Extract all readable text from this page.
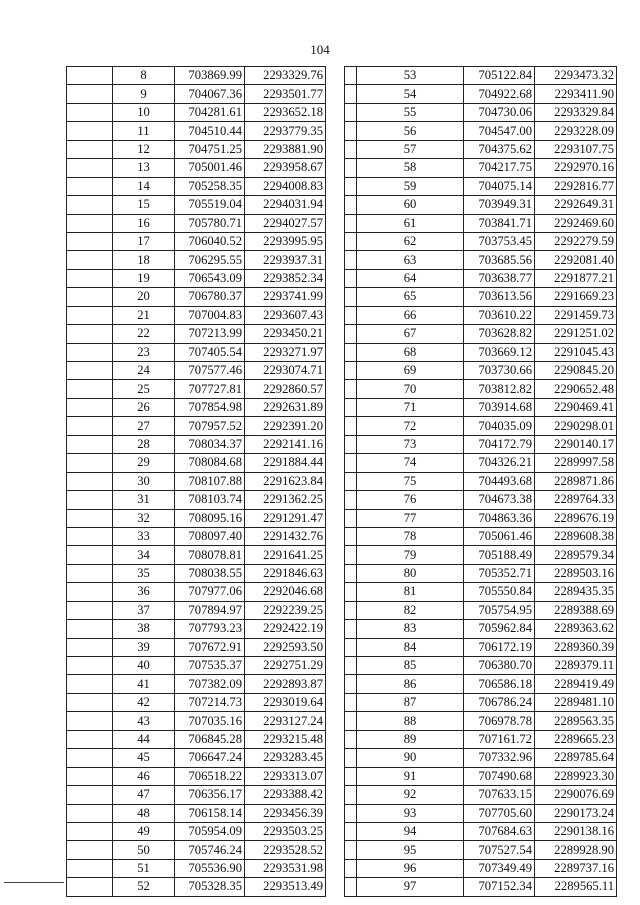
104
	8	703869.99	2293329.76
	9	704067.36	2293501.77
	10	704281.61	2293652.18
	11	704510.44	2293779.35
	12	704751.25	2293881.90
	13	705001.46	2293958.67
	14	705258.35	2294008.83
	15	705519.04	2294031.94
	16	705780.71	2294027.57
	17	706040.52	2293995.95
	18	706295.55	2293937.31
	19	706543.09	2293852.34
	20	706780.37	2293741.99
	21	707004.83	2293607.43
	22	707213.99	2293450.21
	23	707405.54	2293271.97
	24	707577.46	2293074.71
	25	707727.81	2292860.57
	26	707854.98	2292631.89
	27	707957.52	2292391.20
	28	708034.37	2292141.16
	29	708084.68	2291884.44
	30	708107.88	2291623.84
	31	708103.74	2291362.25
	32	708095.16	2291291.47
	33	708097.40	2291432.76
	34	708078.81	2291641.25
	35	708038.55	2291846.63
	36	707977.06	2292046.68
	37	707894.97	2292239.25
	38	707793.23	2292422.19
	39	707672.91	2292593.50
	40	707535.37	2292751.29
	41	707382.09	2292893.87
	42	707214.73	2293019.64
	43	707035.16	2293127.24
	44	706845.28	2293215.48
	45	706647.24	2293283.45
	46	706518.22	2293313.07
	47	706356.17	2293388.42
	48	706158.14	2293456.39
	49	705954.09	2293503.25
	50	705746.24	2293528.52
	51	705536.90	2293531.98
	52	705328.35	2293513.49
	53	705122.84	2293473.32
	54	704922.68	2293411.90
	55	704730.06	2293329.84
	56	704547.00	2293228.09
	57	704375.62	2293107.75
	58	704217.75	2292970.16
	59	704075.14	2292816.77
	60	703949.31	2292649.31
	61	703841.71	2292469.60
	62	703753.45	2292279.59
	63	703685.56	2292081.40
	64	703638.77	2291877.21
	65	703613.56	2291669.23
	66	703610.22	2291459.73
	67	703628.82	2291251.02
	68	703669.12	2291045.43
	69	703730.66	2290845.20
	70	703812.82	2290652.48
	71	703914.68	2290469.41
	72	704035.09	2290298.01
	73	704172.79	2290140.17
	74	704326.21	2289997.58
	75	704493.68	2289871.86
	76	704673.38	2289764.33
	77	704863.36	2289676.19
	78	705061.46	2289608.38
	79	705188.49	2289579.34
	80	705352.71	2289503.16
	81	705550.84	2289435.35
	82	705754.95	2289388.69
	83	705962.84	2289363.62
	84	706172.19	2289360.39
	85	706380.70	2289379.11
	86	706586.18	2289419.49
	87	706786.24	2289481.10
	88	706978.78	2289563.35
	89	707161.72	2289665.23
	90	707332.96	2289785.64
	91	707490.68	2289923.30
	92	707633.15	2290076.69
	93	707705.60	2290173.24
	94	707684.63	2290138.16
	95	707527.54	2289928.90
	96	707349.49	2289737.16
	97	707152.34	2289565.11
